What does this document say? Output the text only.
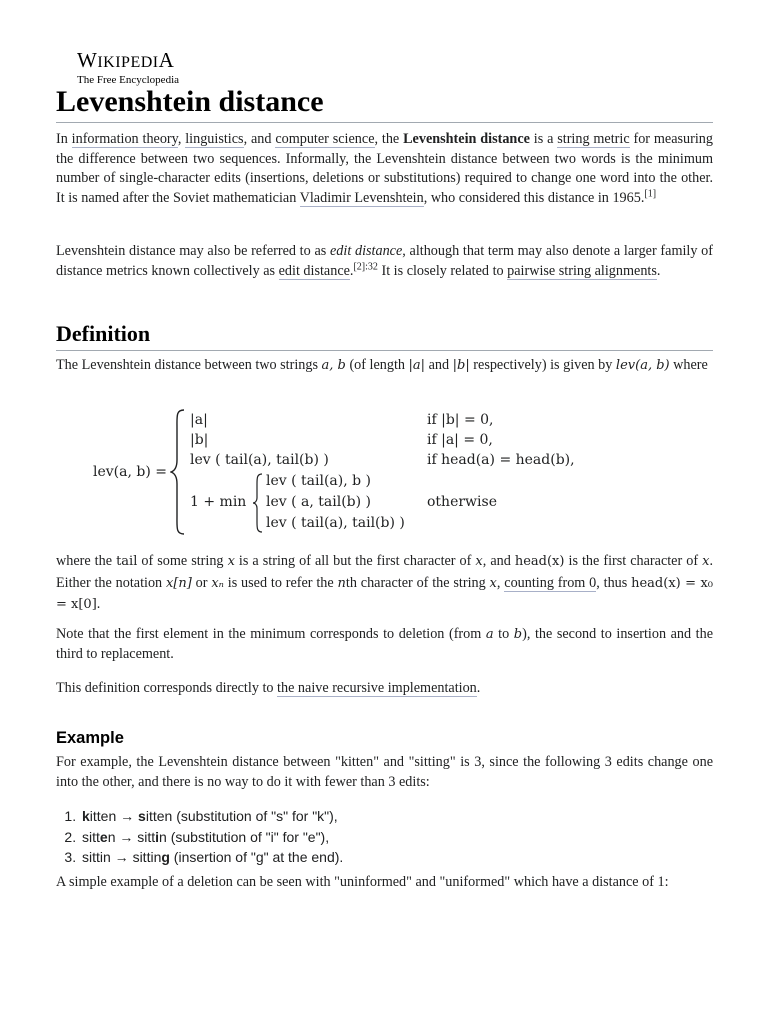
WIKIPEDIA
The Free Encyclopedia
Levenshtein distance
In information theory, linguistics, and computer science, the Levenshtein distance is a string metric for measuring the difference between two sequences. Informally, the Levenshtein distance between two words is the minimum number of single-character edits (insertions, deletions or substitutions) required to change one word into the other. It is named after the Soviet mathematician Vladimir Levenshtein, who considered this distance in 1965.[1]
Levenshtein distance may also be referred to as edit distance, although that term may also denote a larger family of distance metrics known collectively as edit distance.$^{[2]:32}$ It is closely related to pairwise string alignments.
Definition
The Levenshtein distance between two strings a, b (of length |a| and |b| respectively) is given by lev(a, b) where
lev(a, b) =
|a|	if |b| = 0,
|b|	if |a| = 0,
lev ( tail(a), tail(b) )	if head(a) = head(b),
1 + min
lev ( tail(a), b )
lev ( a, tail(b) )
lev ( tail(a), tail(b) )
otherwise
where the tail of some string x is a string of all but the first character of x, and head(x) is the first character of x. Either the notation x[n] or xₙ is used to refer the nth character of the string x, counting from 0, thus head(x) = x₀ = x[0].
Note that the first element in the minimum corresponds to deletion (from a to b), the second to insertion and the third to replacement.
This definition corresponds directly to the naive recursive implementation.
Example
For example, the Levenshtein distance between "kitten" and "sitting" is 3, since the following 3 edits change one into the other, and there is no way to do it with fewer than 3 edits:
1. kitten → sitten (substitution of "s" for "k"),
2. sitten → sittin (substitution of "i" for "e"),
3. sittin → sitting (insertion of "g" at the end).
A simple example of a deletion can be seen with "uninformed" and "uniformed" which have a distance of 1:
